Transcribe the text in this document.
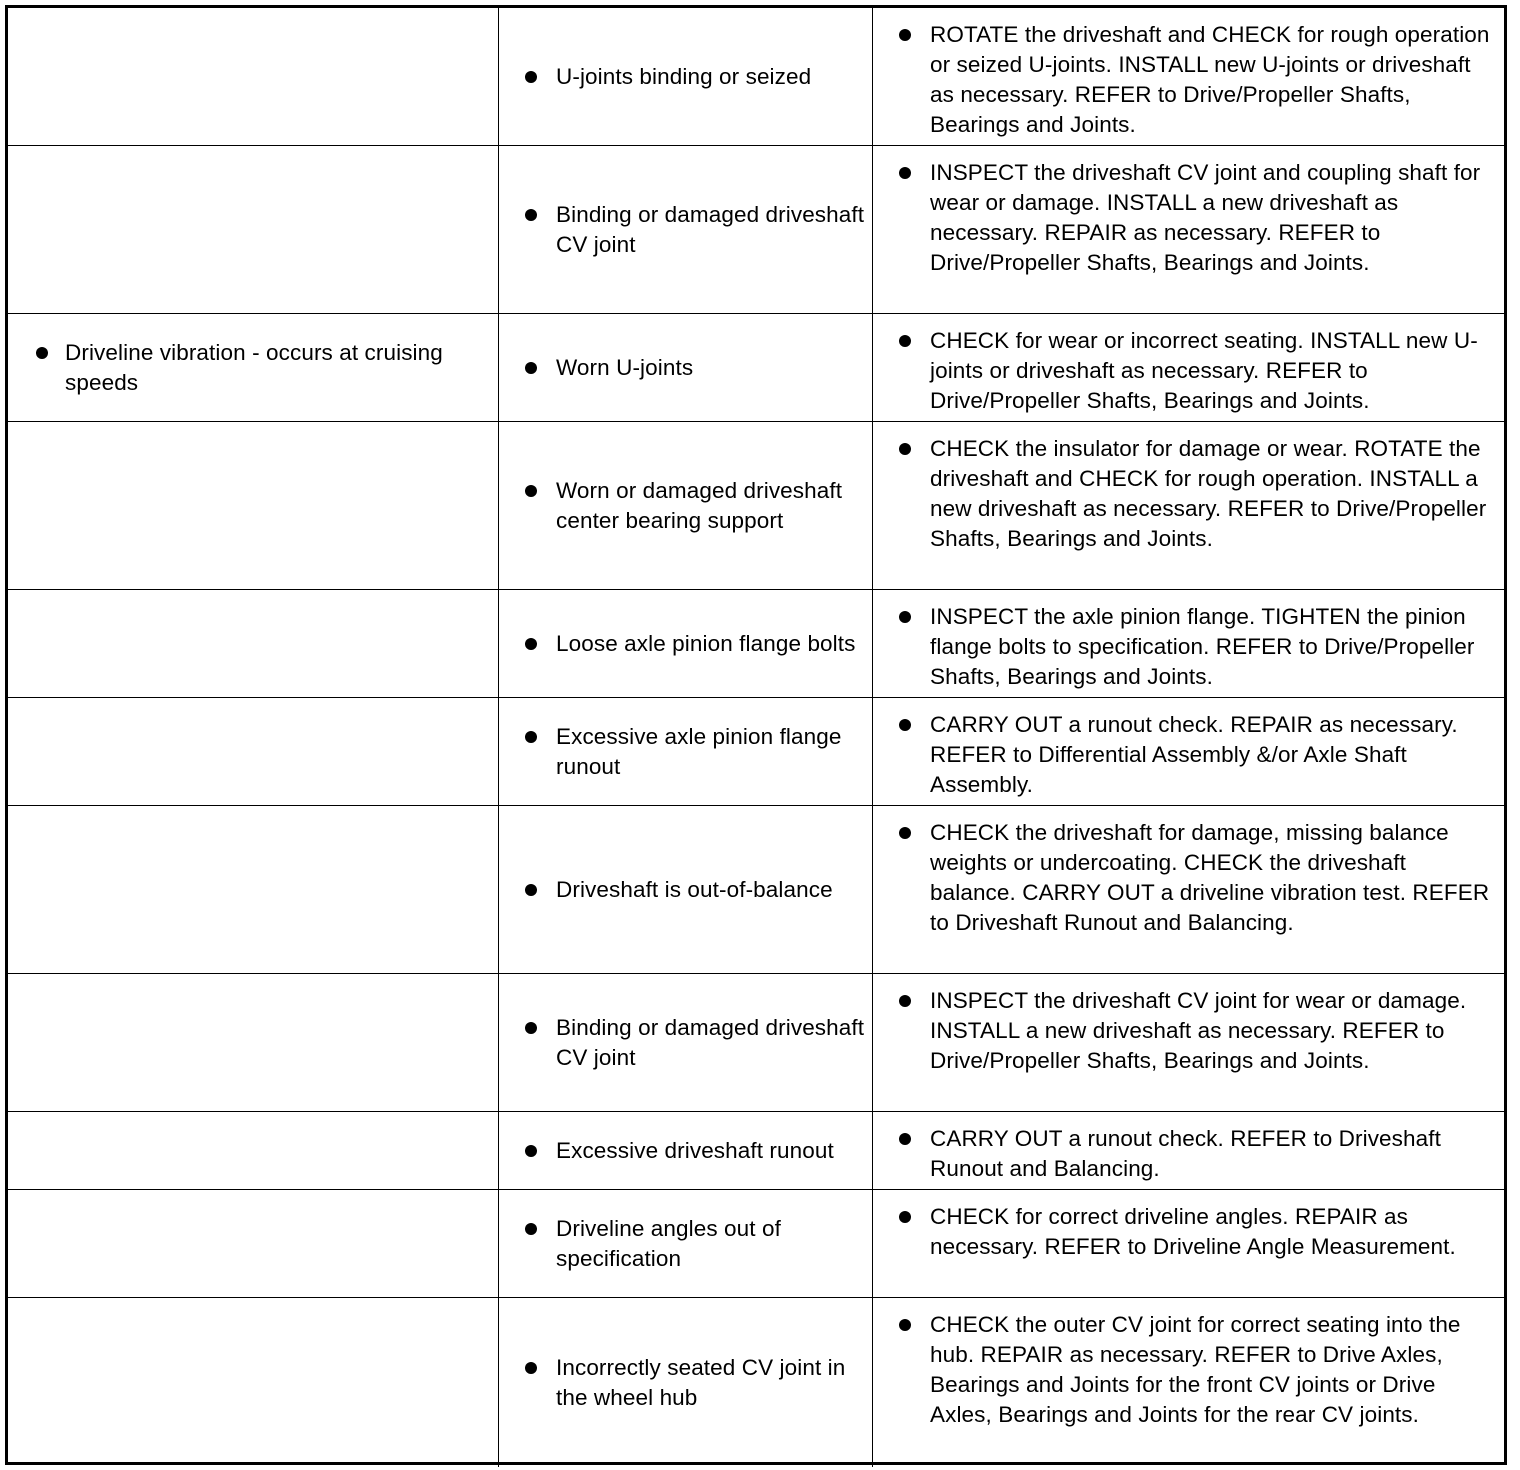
U-joints binding or seized
ROTATE the driveshaft and CHECK for rough operation or seized U-joints. INSTALL new U-joints or driveshaft as necessary. REFER to Drive/Propeller Shafts, Bearings and Joints.
Binding or damaged driveshaft CV joint
INSPECT the driveshaft CV joint and coupling shaft for wear or damage. INSTALL a new driveshaft as necessary. REPAIR as necessary. REFER to Drive/Propeller Shafts, Bearings and Joints.
Driveline vibration - occurs at cruising speeds
Worn U-joints
CHECK for wear or incorrect seating. INSTALL new U-joints or driveshaft as necessary. REFER to Drive/Propeller Shafts, Bearings and Joints.
Worn or damaged driveshaft center bearing support
CHECK the insulator for damage or wear. ROTATE the driveshaft and CHECK for rough operation. INSTALL a new driveshaft as necessary. REFER to Drive/Propeller Shafts, Bearings and Joints.
Loose axle pinion flange bolts
INSPECT the axle pinion flange. TIGHTEN the pinion flange bolts to specification. REFER to Drive/Propeller Shafts, Bearings and Joints.
Excessive axle pinion flange runout
CARRY OUT a runout check. REPAIR as necessary. REFER to Differential Assembly &/or Axle Shaft Assembly.
Driveshaft is out-of-balance
CHECK the driveshaft for damage, missing balance weights or undercoating. CHECK the driveshaft balance. CARRY OUT a driveline vibration test. REFER to Driveshaft Runout and Balancing.
Binding or damaged driveshaft CV joint
INSPECT the driveshaft CV joint for wear or damage. INSTALL a new driveshaft as necessary. REFER to Drive/Propeller Shafts, Bearings and Joints.
Excessive driveshaft runout	CARRY OUT a runout check. REFER to Driveshaft Runout and Balancing.
Driveline angles out of specification
CHECK for correct driveline angles. REPAIR as necessary. REFER to Driveline Angle Measurement.
Incorrectly seated CV joint in the wheel hub
CHECK the outer CV joint for correct seating into the hub. REPAIR as necessary. REFER to Drive Axles, Bearings and Joints for the front CV joints or Drive Axles, Bearings and Joints for the rear CV joints.
